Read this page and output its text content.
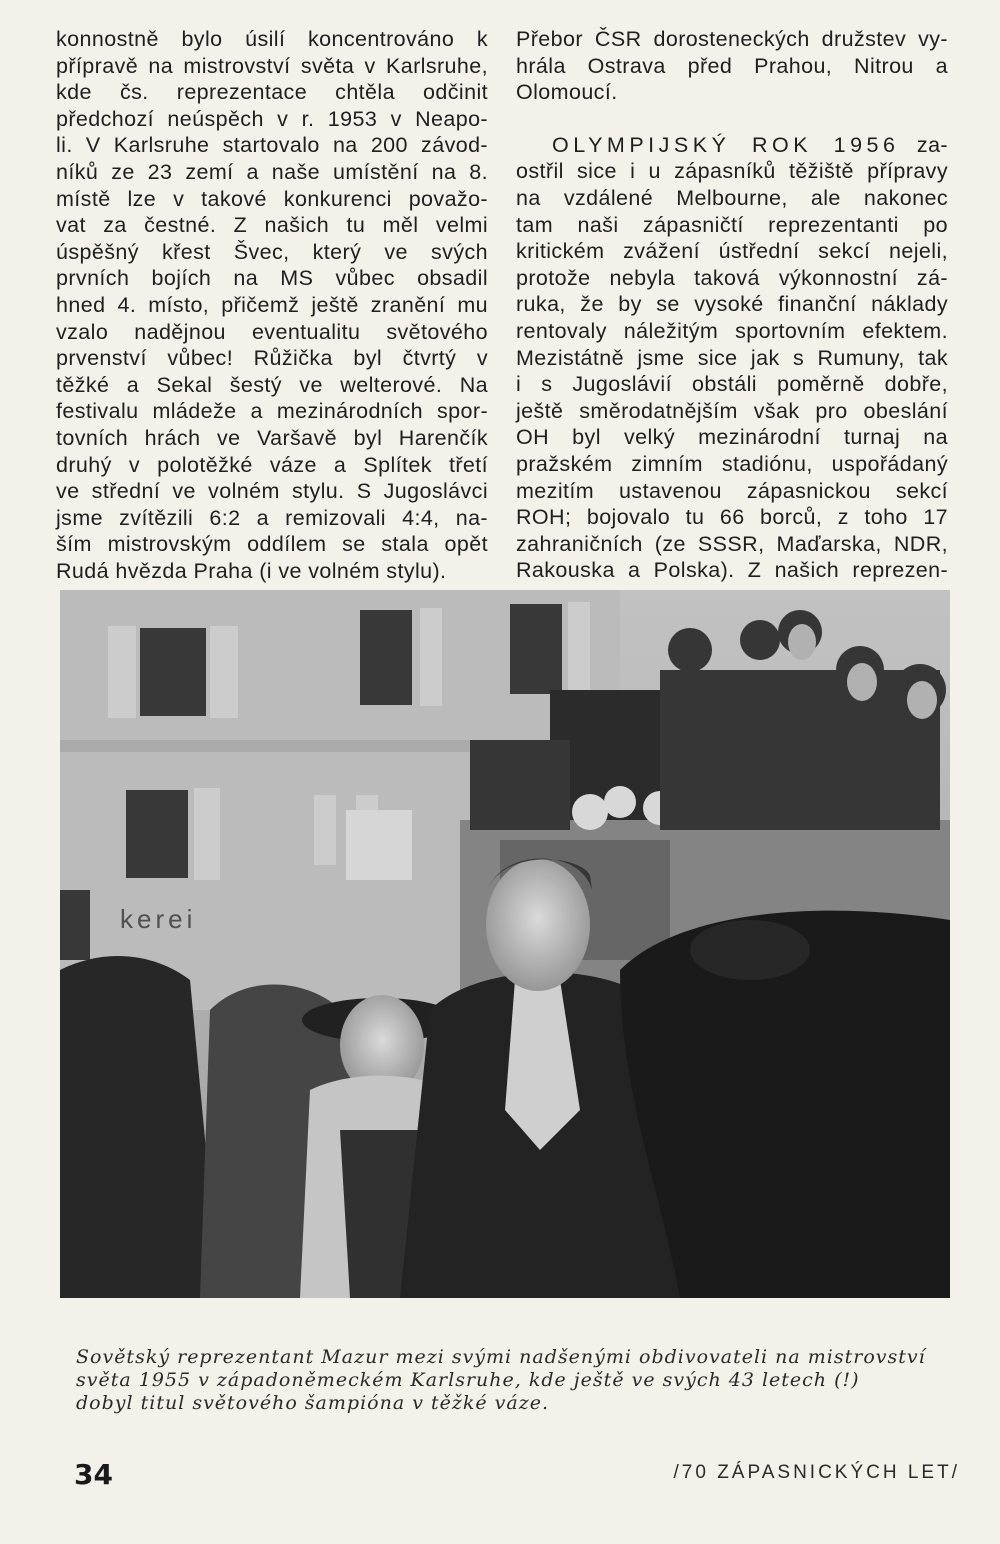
konnostně bylo úsilí koncentrováno k
přípravě na mistrovství světa v Karlsruhe,
kde čs. reprezentace chtěla odčinit
předchozí neúspěch v r. 1953 v Neapo-
li. V Karlsruhe startovalo na 200 závod-
níků ze 23 zemí a naše umístění na 8.
místě lze v takové konkurenci považo-
vat za čestné. Z našich tu měl velmi
úspěšný křest Švec, který ve svých
prvních bojích na MS vůbec obsadil
hned 4. místo, přičemž ještě zranění mu
vzalo nadějnou eventualitu světového
prvenství vůbec! Růžička byl čtvrtý v
těžké a Sekal šestý ve welterové. Na
festivalu mládeže a mezinárodních spor-
tovních hrách ve Varšavě byl Harenčík
druhý v polotěžké váze a Splítek třetí
ve střední ve volném stylu. S Jugoslávci
jsme zvítězili 6:2 a remizovali 4:4, na-
ším mistrovským oddílem se stala opět
Rudá hvězda Praha (i ve volném stylu).
Přebor ČSR dorosteneckých družstev vy-
hrála Ostrava před Prahou, Nitrou a
Olomoucí.
OLYMPIJSKÝ ROK 1956 za-
ostřil sice i u zápasníků těžiště přípravy
na vzdálené Melbourne, ale nakonec
tam naši zápasničtí reprezentanti po
kritickém zvážení ústřední sekcí nejeli,
protože nebyla taková výkonnostní zá-
ruka, že by se vysoké finanční náklady
rentovaly náležitým sportovním efektem.
Mezistátně jsme sice jak s Rumuny, tak
i s Jugoslávií obstáli poměrně dobře,
ještě směrodatnějším však pro obeslání
OH byl velký mezinárodní turnaj na
pražském zimním stadiónu, uspořádaný
mezitím ustavenou zápasnickou sekcí
ROH; bojovalo tu 66 borců, z toho 17
zahraničních (ze SSSR, Maďarska, NDR,
Rakouska a Polska). Z našich reprezen-
kerei
Sovětský reprezentant Mazur mezi svými nadšenými obdivovateli na mistrovství
světa 1955 v západoněmeckém Karlsruhe, kde ještě ve svých 43 letech (!)
dobyl titul světového šampióna v těžké váze.
34	/70 ZÁPASNICKÝCH LET/
